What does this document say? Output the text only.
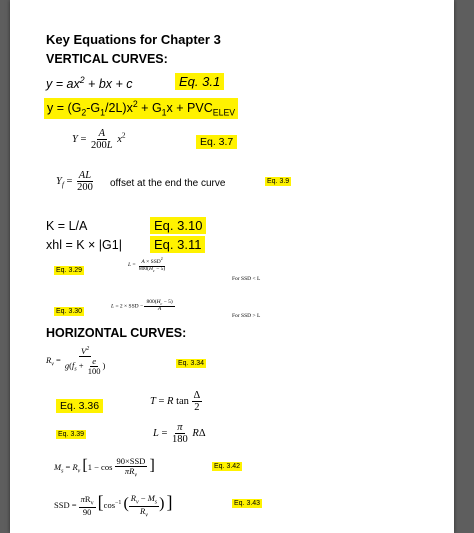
Key Equations for Chapter 3
VERTICAL CURVES:
$y = ax^2$ + bx + c	Eq. 3.1
$y = (G_2-G_1/2L)x^2 + G_1x + PVC_{ELEV}$
$Y = \frac{A}{200L} x^2$
Eq. 3.7
$Y_f = \frac{AL}{200}$ offset at the end the curve	Eq. 3.9
K = L/A	Eq. 3.10
xhl = K × |G1|	Eq. 3.11
Eq. 3.29
$L = \frac{A \times SSD^2}{800(H_c - 5)}$
For SSD < L
Eq. 3.30
L = 2 × SSD − $\frac{800(H_c - 5)}{A}$
For SSD > L
HORIZONTAL CURVES:
$R_v = \frac{V^2}{g(f_s + \frac{e}{100} )}$	Eq. 3.34
Eq. 3.36	T = R $\tan \frac{\Delta}{2}$
Eq. 3.39	$L = \frac{\pi}{180}$ RΔ
$M_s = R_v$ [$1 - \cos \frac{\text{90×SSD}}{\pi R_v}$ ]	Eq. 3.42
SSD = $\frac{\pi R_v}{90} [\cos^{-1}$ ( $\frac{R_v - M_s}{R_v}$ ) ]	Eq. 3.43
